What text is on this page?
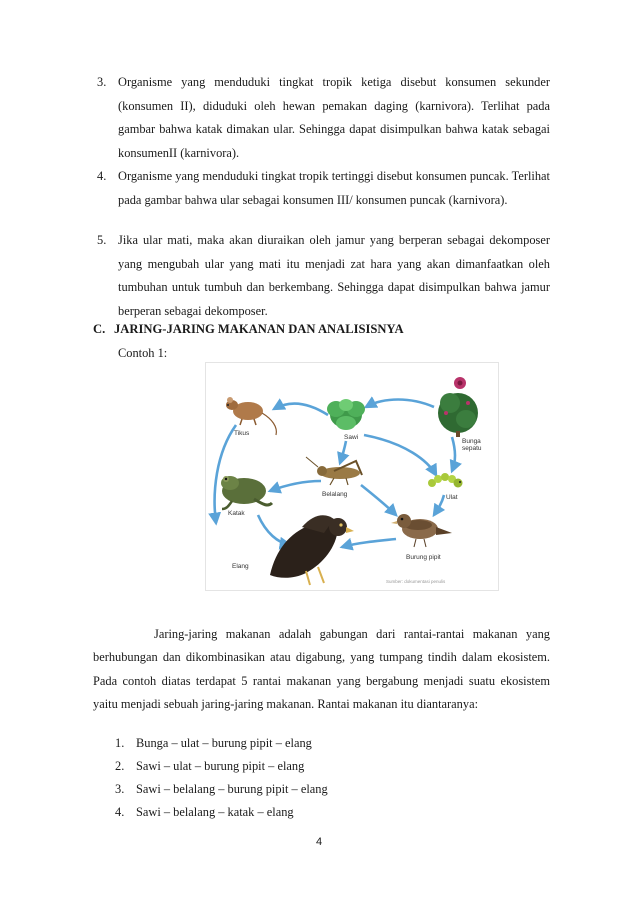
3. Organisme yang menduduki tingkat tropik ketiga disebut konsumen sekunder (konsumen II), diduduki oleh hewan pemakan daging (karnivora). Terlihat pada gambar bahwa katak dimakan ular. Sehingga dapat disimpulkan bahwa katak sebagai konsumenII (karnivora).
4. Organisme yang menduduki tingkat tropik tertinggi disebut konsumen puncak. Terlihat pada gambar bahwa ular sebagai konsumen III/ konsumen puncak (karnivora).
5. Jika ular mati, maka akan diuraikan oleh jamur yang berperan sebagai dekomposer yang mengubah ular yang mati itu menjadi zat hara yang akan dimanfaatkan oleh tumbuhan untuk tumbuh dan berkembang. Sehingga dapat disimpulkan bahwa jamur berperan sebagai dekomposer.
C. JARING-JARING MAKANAN DAN ANALISISNYA
Contoh 1:
Tikus
Sawi
Bunga
sepatu
Belalang
Katak
Ulat
Burung pipit
Elang
Sumber: dokumentasi penulis
Jaring-jaring makanan adalah gabungan dari rantai-rantai makanan yang berhubungan dan dikombinasikan atau digabung, yang tumpang tindih dalam ekosistem. Pada contoh diatas terdapat 5 rantai makanan yang bergabung menjadi suatu ekosistem yaitu menjadi sebuah jaring-jaring makanan. Rantai makanan itu diantaranya:
1. Bunga – ulat – burung pipit – elang
2. Sawi – ulat – burung pipit – elang
3. Sawi – belalang – burung pipit – elang
4. Sawi – belalang – katak – elang
4
